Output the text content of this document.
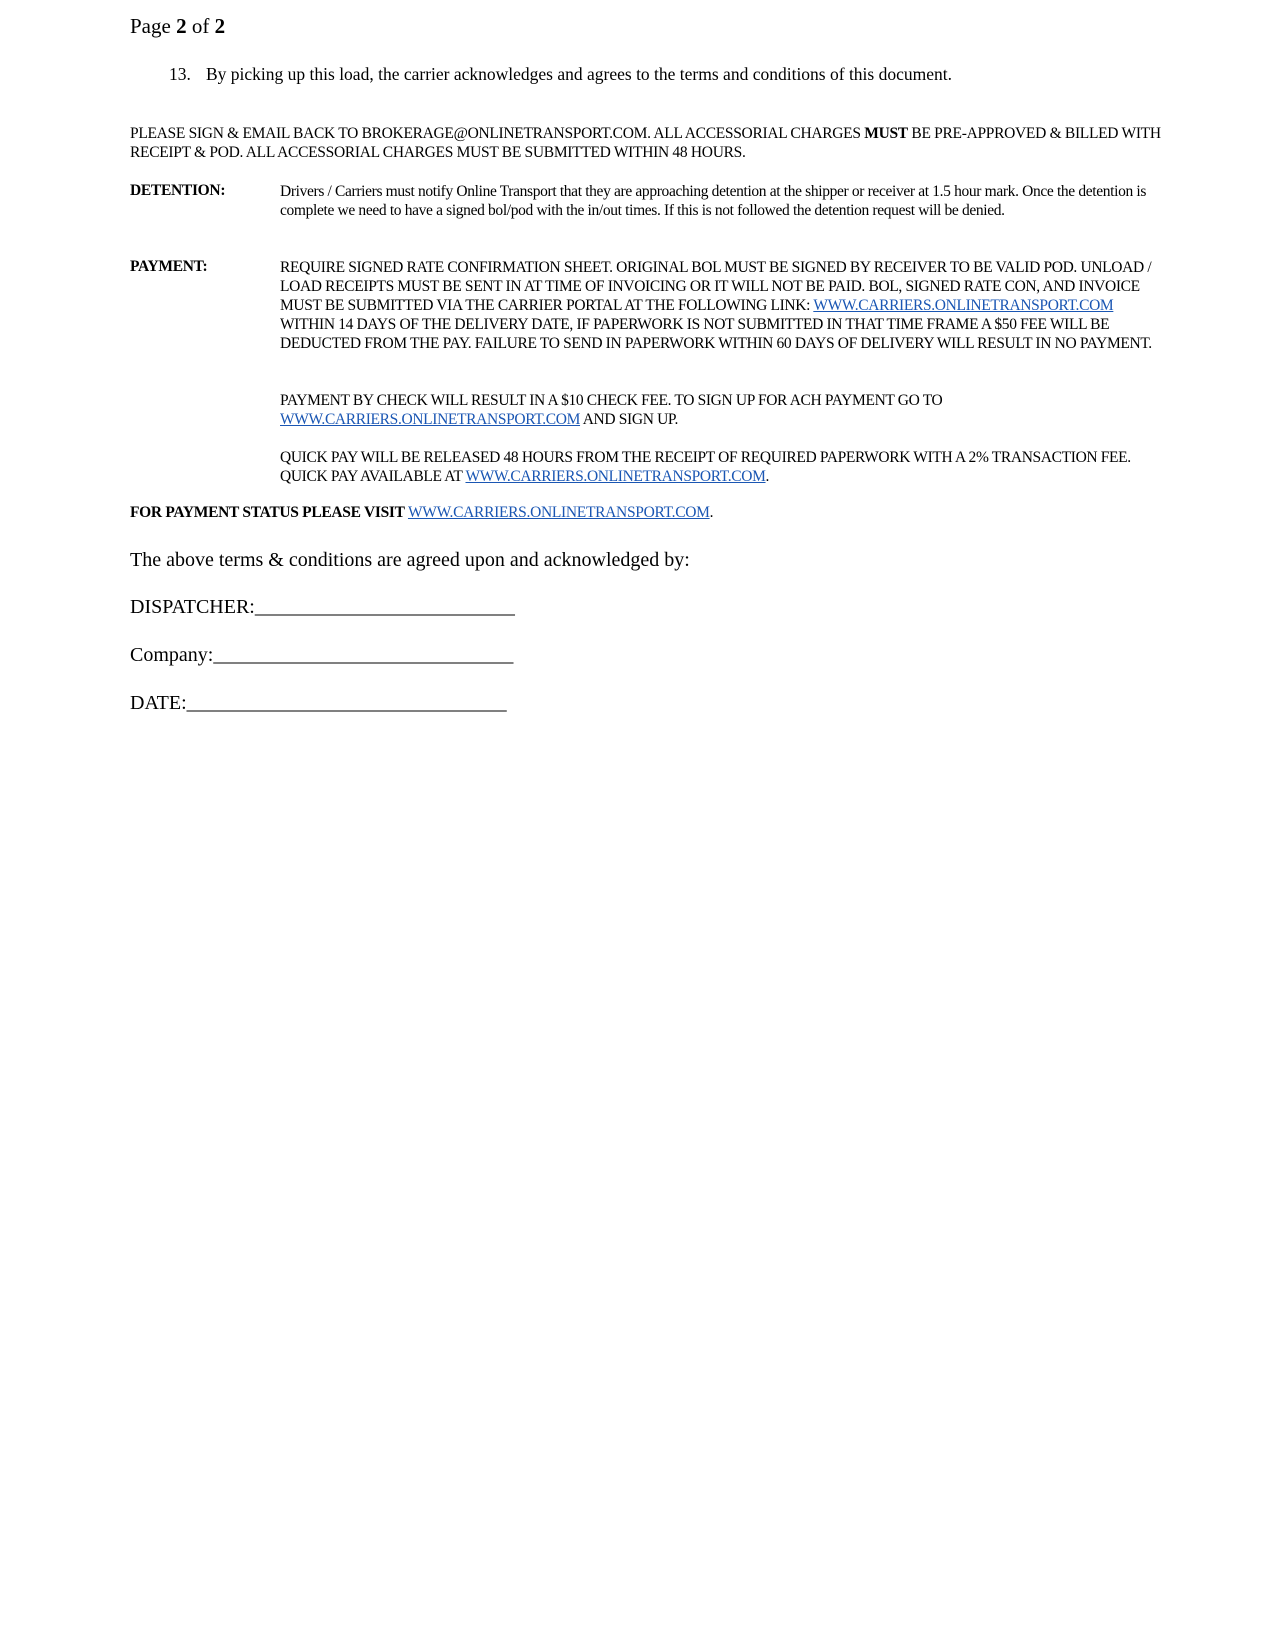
Page 2 of 2
13. By picking up this load, the carrier acknowledges and agrees to the terms and conditions of this document.
PLEASE SIGN & EMAIL BACK TO BROKERAGE@ONLINETRANSPORT.COM. ALL ACCESSORIAL CHARGES MUST BE PRE-APPROVED & BILLED WITH RECEIPT & POD. ALL ACCESSORIAL CHARGES MUST BE SUBMITTED WITHIN 48 HOURS.
DETENTION:	Drivers / Carriers must notify Online Transport that they are approaching detention at the shipper or receiver at 1.5 hour mark. Once the detention is complete we need to have a signed bol/pod with the in/out times. If this is not followed the detention request will be denied.
PAYMENT:	REQUIRE SIGNED RATE CONFIRMATION SHEET. ORIGINAL BOL MUST BE SIGNED BY RECEIVER TO BE VALID POD. UNLOAD / LOAD RECEIPTS MUST BE SENT IN AT TIME OF INVOICING OR IT WILL NOT BE PAID. BOL, SIGNED RATE CON, AND INVOICE MUST BE SUBMITTED VIA THE CARRIER PORTAL AT THE FOLLOWING LINK: WWW.CARRIERS.ONLINETRANSPORT.COM WITHIN 14 DAYS OF THE DELIVERY DATE, IF PAPERWORK IS NOT SUBMITTED IN THAT TIME FRAME A $50 FEE WILL BE DEDUCTED FROM THE PAY. FAILURE TO SEND IN PAPERWORK WITHIN 60 DAYS OF DELIVERY WILL RESULT IN NO PAYMENT.
PAYMENT BY CHECK WILL RESULT IN A $10 CHECK FEE. TO SIGN UP FOR ACH PAYMENT GO TO WWW.CARRIERS.ONLINETRANSPORT.COM AND SIGN UP.
QUICK PAY WILL BE RELEASED 48 HOURS FROM THE RECEIPT OF REQUIRED PAPERWORK WITH A 2% TRANSACTION FEE. QUICK PAY AVAILABLE AT WWW.CARRIERS.ONLINETRANSPORT.COM.
FOR PAYMENT STATUS PLEASE VISIT WWW.CARRIERS.ONLINETRANSPORT.COM.
The above terms & conditions are agreed upon and acknowledged by:
DISPATCHER:__________________________
Company:______________________________
DATE:________________________________
